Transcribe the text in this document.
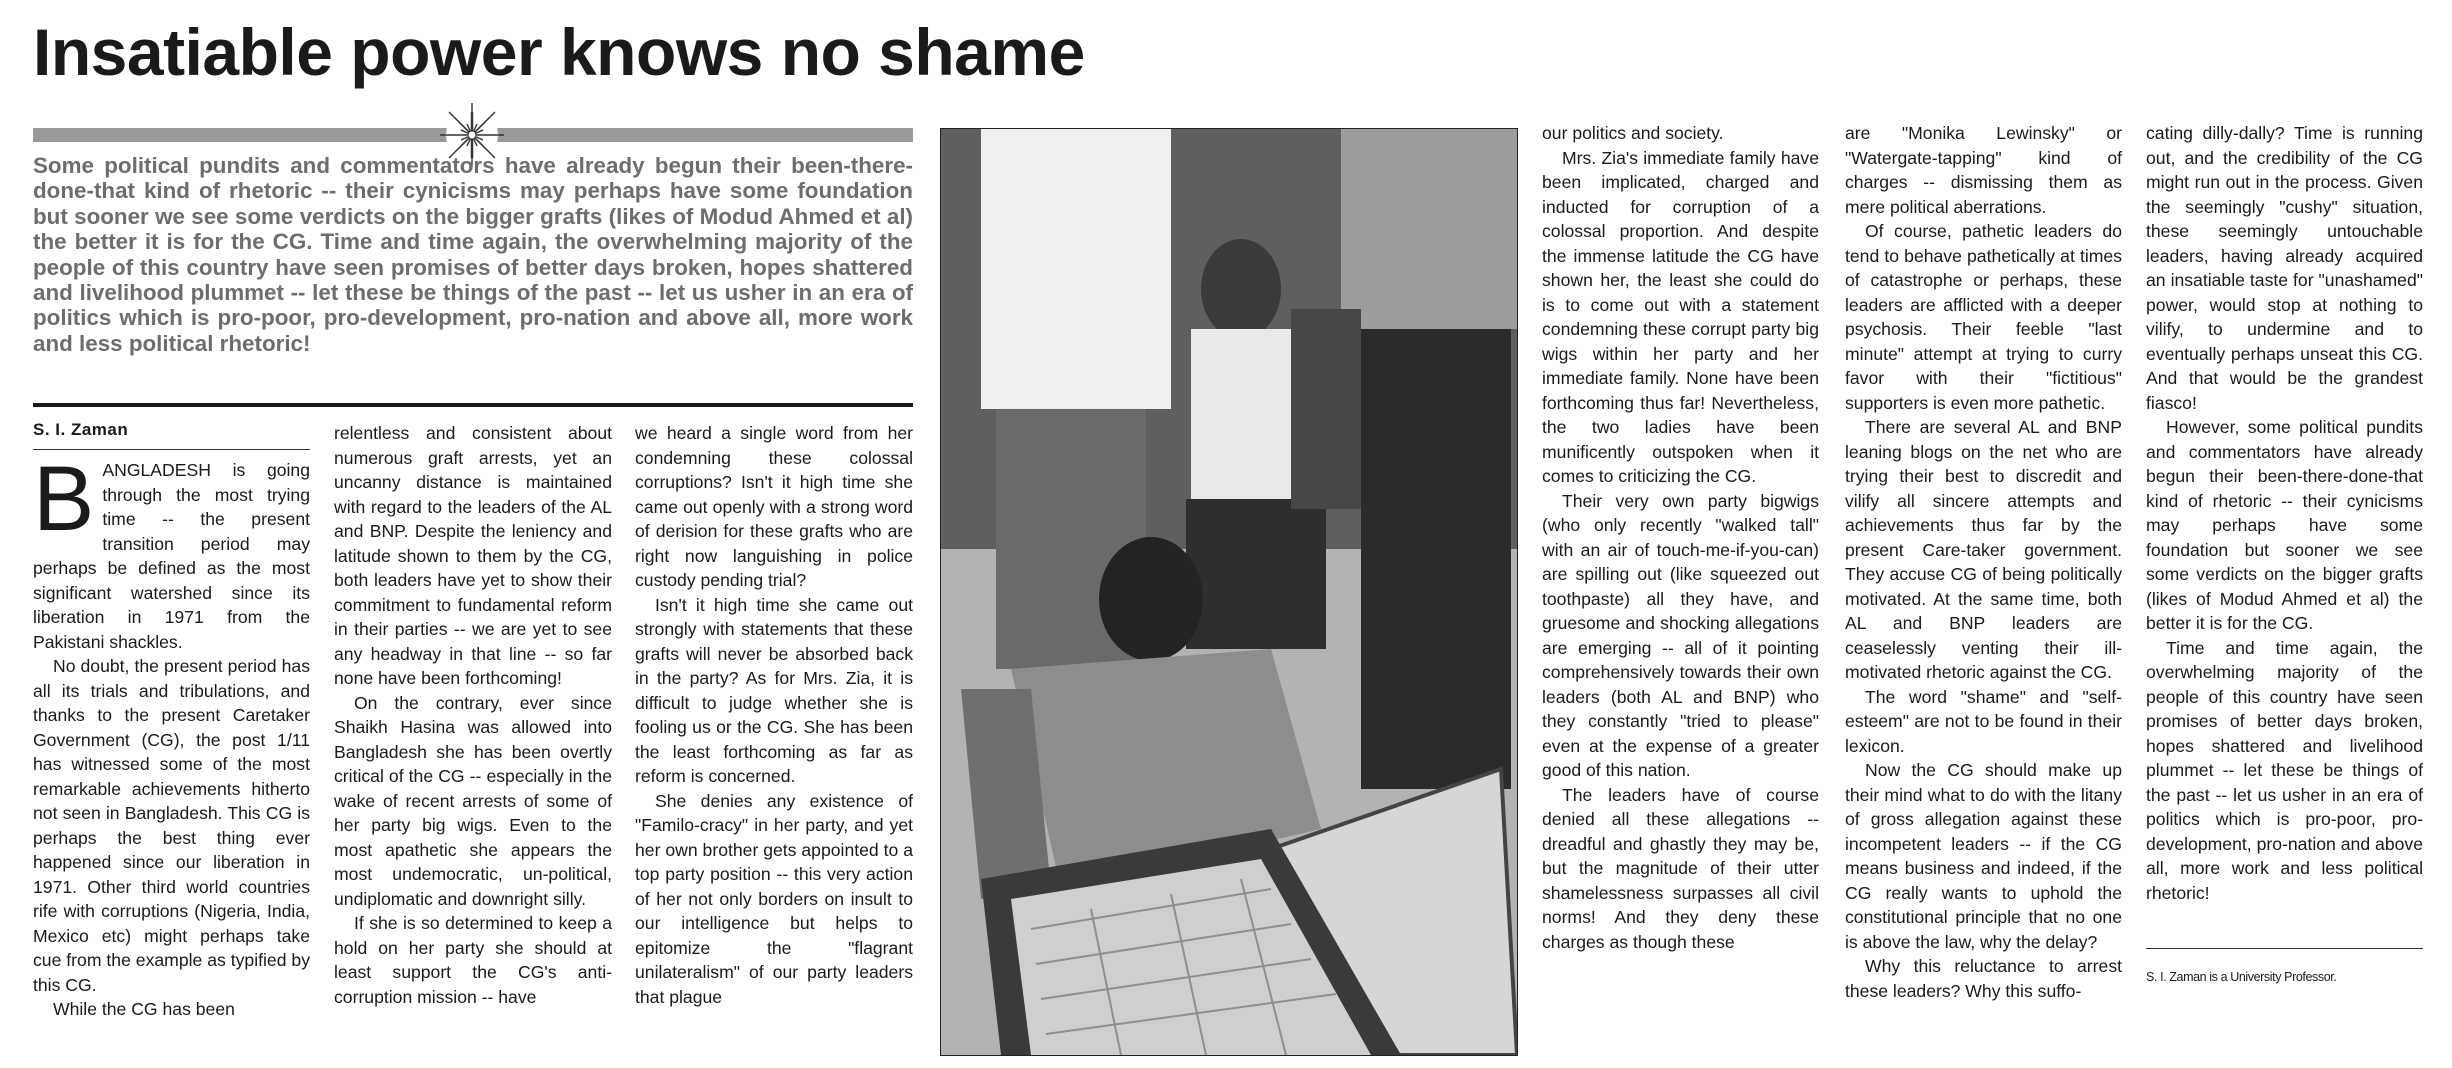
Insatiable power knows no shame

Some political pundits and commentators have already begun their been-there-done-that kind of rhetoric -- their cynicisms may perhaps have some foundation but sooner we see some verdicts on the bigger grafts (likes of Modud Ahmed et al) the better it is for the CG. Time and time again, the overwhelming majority of the people of this country have seen promises of better days broken, hopes shattered and livelihood plummet -- let these be things of the past -- let us usher in an era of politics which is pro-poor, pro-development, pro-nation and above all, more work and less political rhetoric!

S. I. Zaman

BANGLADESH is going through the most trying time -- the present transition period may perhaps be defined as the most significant watershed since its liberation in 1971 from the Pakistani shackles.

No doubt, the present period has all its trials and tribulations, and thanks to the present Caretaker Government (CG), the post 1/11 has witnessed some of the most remarkable achievements hitherto not seen in Bangladesh. This CG is perhaps the best thing ever happened since our liberation in 1971. Other third world countries rife with corruptions (Nigeria, India, Mexico etc) might perhaps take cue from the example as typified by this CG.

While the CG has been

relentless and consistent about numerous graft arrests, yet an uncanny distance is maintained with regard to the leaders of the AL and BNP. Despite the leniency and latitude shown to them by the CG, both leaders have yet to show their commitment to fundamental reform in their parties -- we are yet to see any headway in that line -- so far none have been forthcoming!

On the contrary, ever since Shaikh Hasina was allowed into Bangladesh she has been overtly critical of the CG -- especially in the wake of recent arrests of some of her party big wigs. Even to the most apathetic she appears the most undemocratic, un-political, undiplomatic and downright silly.

If she is so determined to keep a hold on her party she should at least support the CG's anti-corruption mission -- have

we heard a single word from her condemning these colossal corruptions? Isn't it high time she came out openly with a strong word of derision for these grafts who are right now languishing in police custody pending trial?

Isn't it high time she came out strongly with statements that these grafts will never be absorbed back in the party? As for Mrs. Zia, it is difficult to judge whether she is fooling us or the CG. She has been the least forthcoming as far as reform is concerned.

She denies any existence of "Familo-cracy" in her party, and yet her own brother gets appointed to a top party position -- this very action of her not only borders on insult to our intelligence but helps to epitomize the "flagrant unilateralism" of our party leaders that plague

our politics and society.

Mrs. Zia's immediate family have been implicated, charged and inducted for corruption of a colossal proportion. And despite the immense latitude the CG have shown her, the least she could do is to come out with a statement condemning these corrupt party big wigs within her party and her immediate family. None have been forthcoming thus far! Nevertheless, the two ladies have been munificently outspoken when it comes to criticizing the CG.

Their very own party bigwigs (who only recently "walked tall" with an air of touch-me-if-you-can) are spilling out (like squeezed out toothpaste) all they have, and gruesome and shocking allegations are emerging -- all of it pointing comprehensively towards their own leaders (both AL and BNP) who they constantly "tried to please" even at the expense of a greater good of this nation.

The leaders have of course denied all these allegations -- dreadful and ghastly they may be, but the magnitude of their utter shamelessness surpasses all civil norms! And they deny these charges as though these

are "Monika Lewinsky" or "Watergate-tapping" kind of charges -- dismissing them as mere political aberrations.

Of course, pathetic leaders do tend to behave pathetically at times of catastrophe or perhaps, these leaders are afflicted with a deeper psychosis. Their feeble "last minute" attempt at trying to curry favor with their "fictitious" supporters is even more pathetic.

There are several AL and BNP leaning blogs on the net who are trying their best to discredit and vilify all sincere attempts and achievements thus far by the present Care-taker government. They accuse CG of being politically motivated. At the same time, both AL and BNP leaders are ceaselessly venting their ill-motivated rhetoric against the CG.

The word "shame" and "self-esteem" are not to be found in their lexicon.

Now the CG should make up their mind what to do with the litany of gross allegation against these incompetent leaders -- if the CG means business and indeed, if the CG really wants to uphold the constitutional principle that no one is above the law, why the delay?

Why this reluctance to arrest these leaders? Why this suffo-

cating dilly-dally? Time is running out, and the credibility of the CG might run out in the process. Given the seemingly "cushy" situation, these seemingly untouchable leaders, having already acquired an insatiable taste for "unashamed" power, would stop at nothing to vilify, to undermine and to eventually perhaps unseat this CG. And that would be the grandest fiasco!

However, some political pundits and commentators have already begun their been-there-done-that kind of rhetoric -- their cynicisms may perhaps have some foundation but sooner we see some verdicts on the bigger grafts (likes of Modud Ahmed et al) the better it is for the CG.

Time and time again, the overwhelming majority of the people of this country have seen promises of better days broken, hopes shattered and livelihood plummet -- let these be things of the past -- let us usher in an era of politics which is pro-poor, pro-development, pro-nation and above all, more work and less political rhetoric!

S. I. Zaman is a University Professor.
